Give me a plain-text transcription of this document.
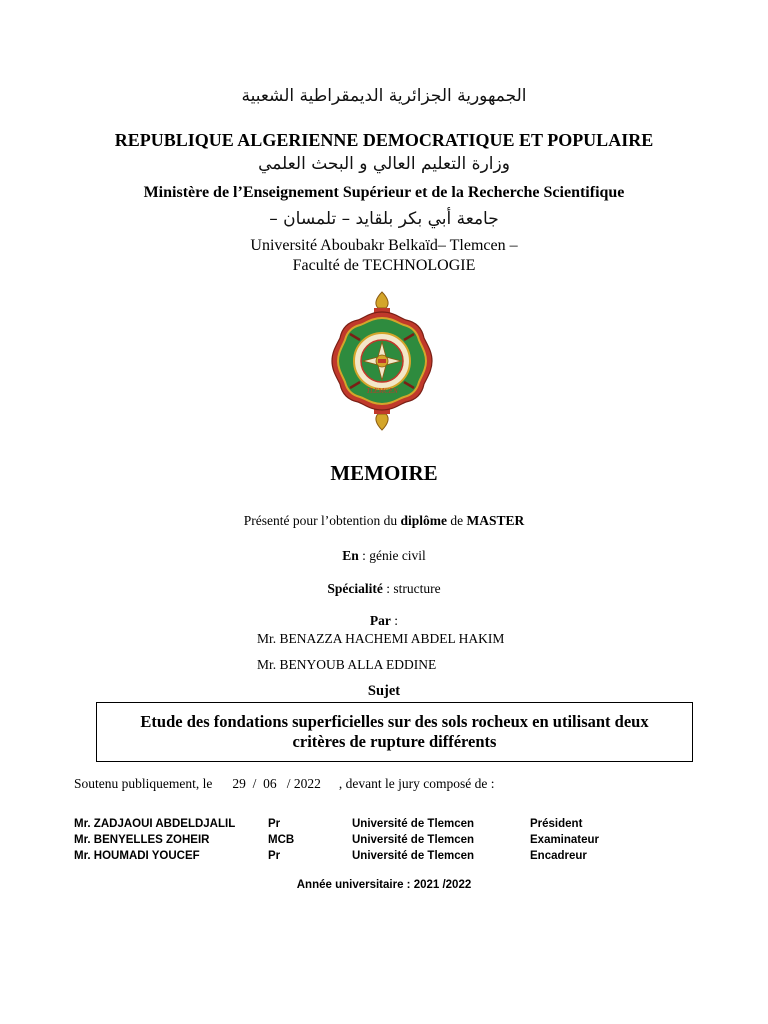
الجمهورية الجزائرية الديمقراطية الشعبية
REPUBLIQUE ALGERIENNE DEMOCRATIQUE ET POPULAIRE
وزارة التعليم العالي و البحث العلمي
Ministère de l’Enseignement Supérieur et de la Recherche Scientifique
جامعة أبي بكر بلقايد – تلمسان –
Université Aboubakr Belkaïd– Tlemcen –
Faculté de TECHNOLOGIE
TLEMCEN
MEMOIRE
Présenté pour l’obtention du diplôme de MASTER
En : génie civil
Spécialité : structure
Par :
Mr. BENAZZA HACHEMI ABDEL HAKIM
Mr. BENYOUB ALLA EDDINE
Sujet
Etude des fondations superficielles sur des sols rocheux en utilisant deux
critères de rupture différents
Soutenu publiquement, le 29  /  06   / 2022 , devant le jury composé de :
Mr. ZADJAOUI ABDELDJALIL	Pr	Université de Tlemcen	Président
Mr. BENYELLES ZOHEIR	MCB	Université de Tlemcen	Examinateur
Mr. HOUMADI YOUCEF	Pr	Université de Tlemcen	Encadreur
Année universitaire : 2021 /2022
